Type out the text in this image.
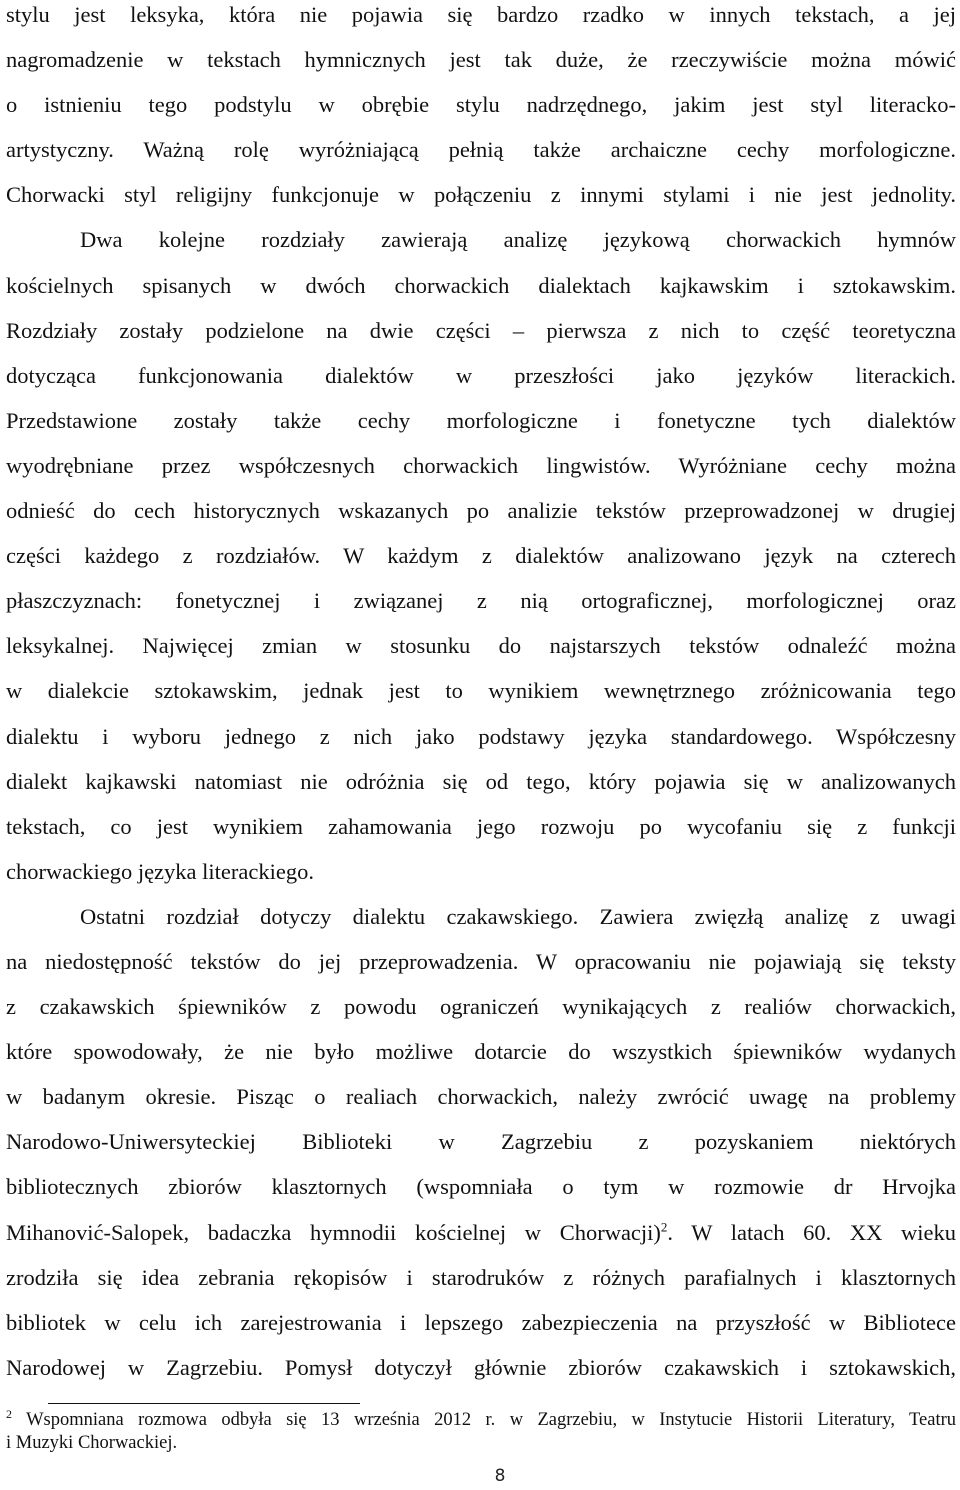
stylu jest leksyka, która nie pojawia się bardzo rzadko w innych tekstach, a jej
nagromadzenie w tekstach hymnicznych jest tak duże, że rzeczywiście można mówić
o istnieniu tego podstylu w obrębie stylu nadrzędnego, jakim jest styl literacko-
artystyczny. Ważną rolę wyróżniającą pełnią także archaiczne cechy morfologiczne.
Chorwacki styl religijny funkcjonuje w połączeniu z innymi stylami i nie jest jednolity.
Dwa kolejne rozdziały zawierają analizę językową chorwackich hymnów
kościelnych spisanych w dwóch chorwackich dialektach kajkawskim i sztokawskim.
Rozdziały zostały podzielone na dwie części – pierwsza z nich to część teoretyczna
dotycząca funkcjonowania dialektów w przeszłości jako języków literackich.
Przedstawione zostały także cechy morfologiczne i fonetyczne tych dialektów
wyodrębniane przez współczesnych chorwackich lingwistów. Wyróżniane cechy można
odnieść do cech historycznych wskazanych po analizie tekstów przeprowadzonej w drugiej
części każdego z rozdziałów. W każdym z dialektów analizowano język na czterech
płaszczyznach: fonetycznej i związanej z nią ortograficznej, morfologicznej oraz
leksykalnej. Najwięcej zmian w stosunku do najstarszych tekstów odnaleźć można
w dialekcie sztokawskim, jednak jest to wynikiem wewnętrznego zróżnicowania tego
dialektu i wyboru jednego z nich jako podstawy języka standardowego. Współczesny
dialekt kajkawski natomiast nie odróżnia się od tego, który pojawia się w analizowanych
tekstach, co jest wynikiem zahamowania jego rozwoju po wycofaniu się z funkcji
chorwackiego języka literackiego.
Ostatni rozdział dotyczy dialektu czakawskiego. Zawiera zwięzłą analizę z uwagi
na niedostępność tekstów do jej przeprowadzenia. W opracowaniu nie pojawiają się teksty
z czakawskich śpiewników z powodu ograniczeń wynikających z realiów chorwackich,
które spowodowały, że nie było możliwe dotarcie do wszystkich śpiewników wydanych
w badanym okresie. Pisząc o realiach chorwackich, należy zwrócić uwagę na problemy
Narodowo-Uniwersyteckiej Biblioteki w Zagrzebiu z pozyskaniem niektórych
bibliotecznych zbiorów klasztornych (wspomniała o tym w rozmowie dr Hrvojka
Mihanović-Salopek, badaczka hymnodii kościelnej w Chorwacji)$^2$. W latach 60. XX wieku
zrodziła się idea zebrania rękopisów i starodruków z różnych parafialnych i klasztornych
bibliotek w celu ich zarejestrowania i lepszego zabezpieczenia na przyszłość w Bibliotece
Narodowej w Zagrzebiu. Pomysł dotyczył głównie zbiorów czakawskich i sztokawskich,
$^2$ Wspomniana rozmowa odbyła się 13 września 2012 r. w Zagrzebiu, w Instytucie Historii Literatury, Teatru
i Muzyki Chorwackiej.
8
